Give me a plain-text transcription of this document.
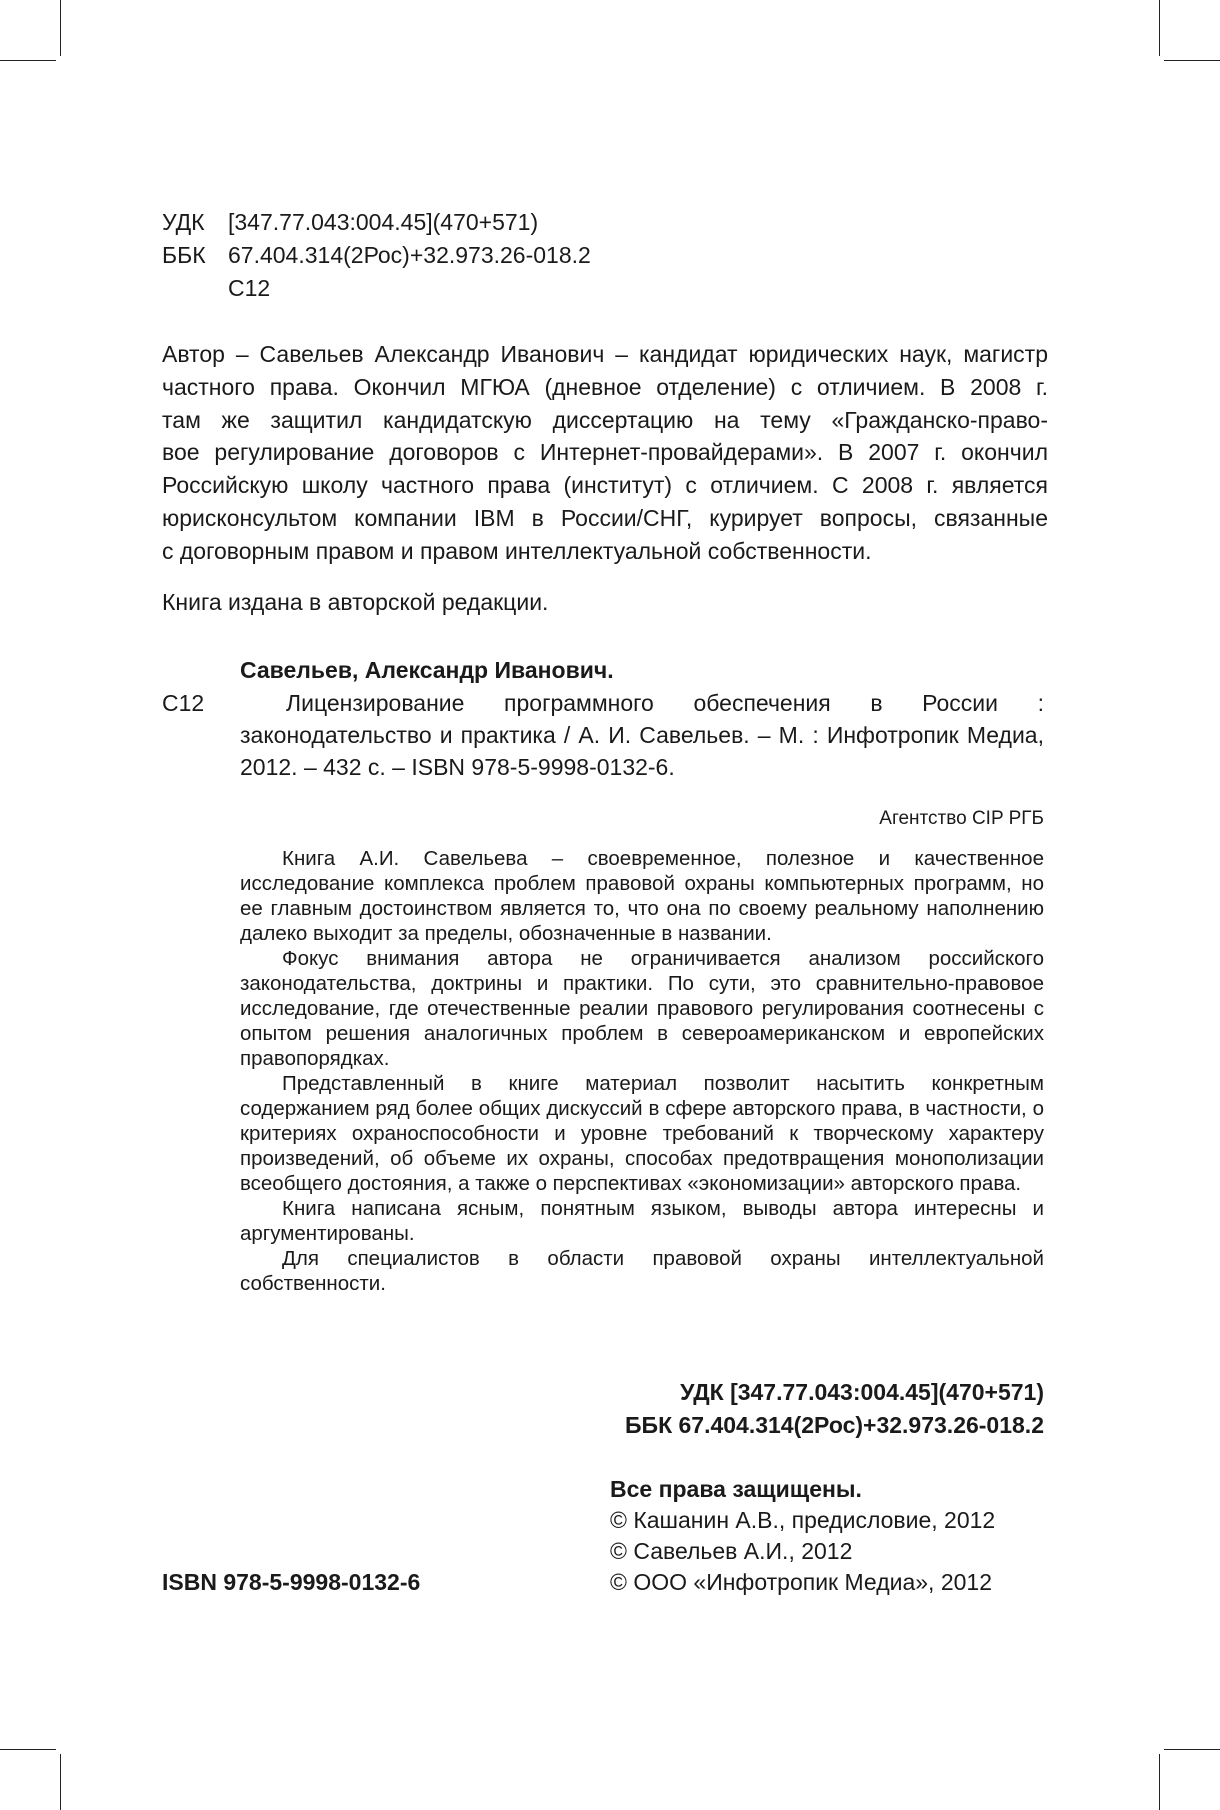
УДК	[347.77.043:004.45](470+571)
ББК 67.404.314(2Рос)+32.973.26-018.2
С12
Автор – Савельев Александр Иванович – кандидат юридических наук, магистр
частного права. Окончил МГЮА (дневное отделение) с отличием. В 2008 г.
там же защитил кандидатскую диссертацию на тему «Гражданско-право-
вое регулирование договоров с Интернет-провайдерами». В 2007 г. окончил
Российскую школу частного права (институт) с отличием. С 2008 г. является
юрисконсультом компании IBM в России/СНГ, курирует вопросы, связанные
с договорным правом и правом интеллектуальной собственности.
Книга издана в авторской редакции.
Савельев, Александр Иванович.
С12	Лицензирование программного обеспечения в России : законодательство и практика / А. И. Савельев. – М. : Инфотропик Медиа, 2012. – 432 с. – ISBN 978-5-9998-0132-6.

Агентство CIP РГБ

Книга А.И. Савельева – своевременное, полезное и качественное исследование комплекса проблем правовой охраны компьютерных программ, но ее главным достоинством является то, что она по своему реальному наполнению далеко выходит за пределы, обозначенные в названии.

Фокус внимания автора не ограничивается анализом российского законодательства, доктрины и практики. По сути, это сравнительно-правовое исследование, где отечественные реалии правового регулирования соотнесены с опытом решения аналогичных проблем в североамериканском и европейских правопорядках.

Представленный в книге материал позволит насытить конкретным содержанием ряд более общих дискуссий в сфере авторского права, в частности, о критериях охраноспособности и уровне требований к творческому характеру произведений, об объеме их охраны, способах предотвращения монополизации всеобщего достояния, а также о перспективах «экономизации» авторского права.

Книга написана ясным, понятным языком, выводы автора интересны и аргументированы.

Для специалистов в области правовой охраны интеллектуальной собственности.

УДК [347.77.043:004.45](470+571)
ББК 67.404.314(2Рос)+32.973.26-018.2
Все права защищены.
© Кашанин А.В., предисловие, 2012
© Савельев А.И., 2012
© ООО «Инфотропик Медиа», 2012
ISBN 978-5-9998-0132-6
